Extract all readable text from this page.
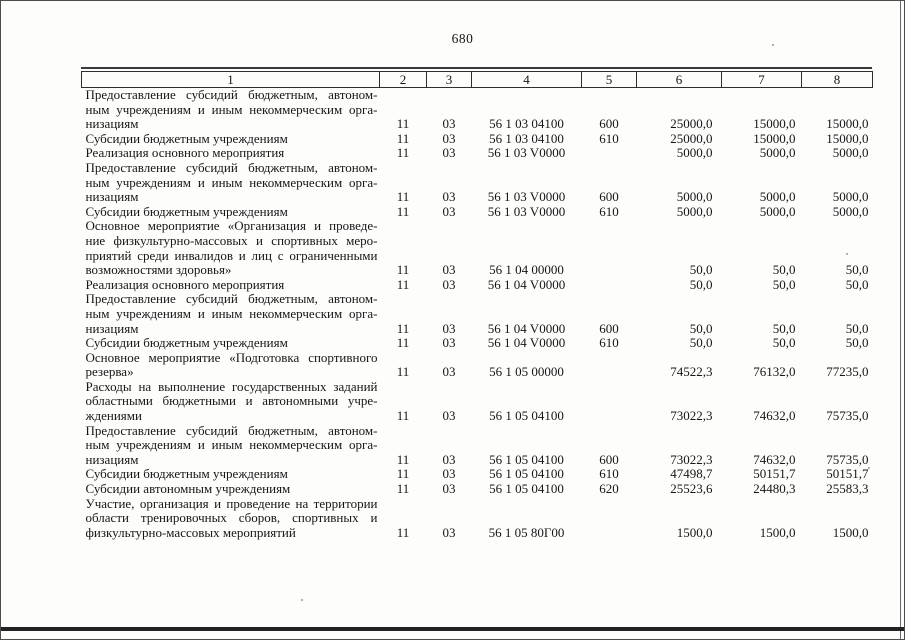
680
1	2	3	4	5	6	7	8

Предоставление субсидий бюджетным, автоном-
ным учреждениям и иным некоммерческим орга-
низациям	11	03	56 1 03 04100	600	25000,0	15000,0	15000,0

Субсидии бюджетным учреждениям	11	03	56 1 03 04100	610	25000,0	15000,0	15000,0

Реализация основного мероприятия	11	03	56 1 03 V0000		5000,0	5000,0	5000,0

Предоставление субсидий бюджетным, автоном-
ным учреждениям и иным некоммерческим орга-
низациям	11	03	56 1 03 V0000	600	5000,0	5000,0	5000,0

Субсидии бюджетным учреждениям	11	03	56 1 03 V0000	610	5000,0	5000,0	5000,0

Основное мероприятие «Организация и проведе-
ние физкультурно-массовых и спортивных меро-
приятий среди инвалидов и лиц с ограниченными
возможностями здоровья»	11	03	56 1 04 00000		50,0	50,0	50,0

Реализация основного мероприятия	11	03	56 1 04 V0000		50,0	50,0	50,0

Предоставление субсидий бюджетным, автоном-
ным учреждениям и иным некоммерческим орга-
низациям	11	03	56 1 04 V0000	600	50,0	50,0	50,0

Субсидии бюджетным учреждениям	11	03	56 1 04 V0000	610	50,0	50,0	50,0

Основное мероприятие «Подготовка спортивного
резерва»	11	03	56 1 05 00000		74522,3	76132,0	77235,0

Расходы на выполнение государственных заданий
областными бюджетными и автономными учре-
ждениями	11	03	56 1 05 04100		73022,3	74632,0	75735,0

Предоставление субсидий бюджетным, автоном-
ным учреждениям и иным некоммерческим орга-
низациям	11	03	56 1 05 04100	600	73022,3	74632,0	75735,0

Субсидии бюджетным учреждениям	11	03	56 1 05 04100	610	47498,7	50151,7	50151,7

Субсидии автономным учреждениям	11	03	56 1 05 04100	620	25523,6	24480,3	25583,3

Участие, организация и проведение на территории
области тренировочных сборов, спортивных и
физкультурно-массовых мероприятий	11	03	56 1 05 80Г00		1500,0	1500,0	1500,0
